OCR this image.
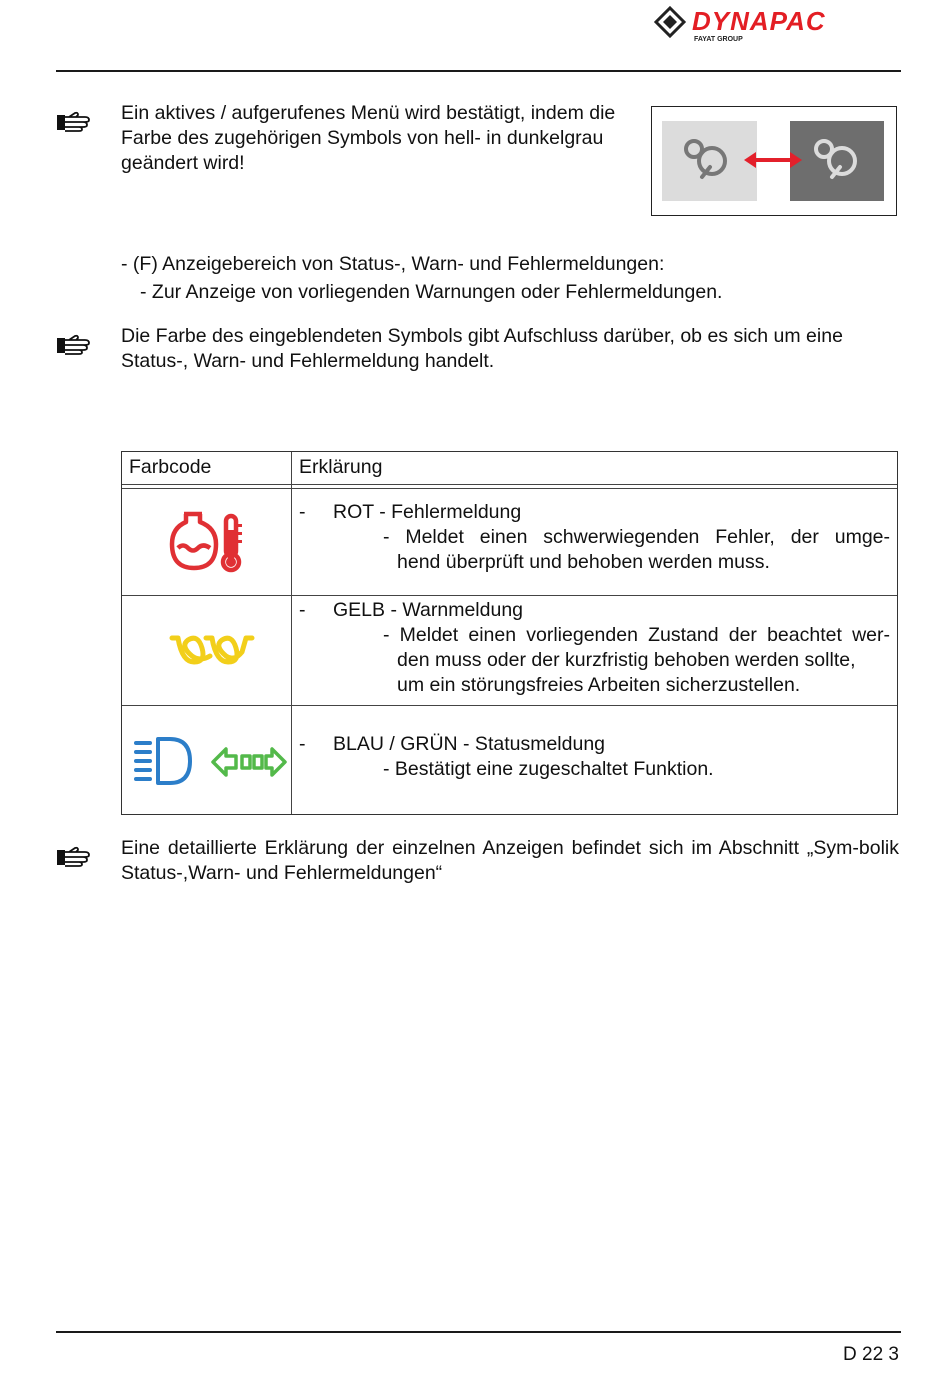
DYNAPAC
FAYAT GROUP

Ein aktives / aufgerufenes Menü wird bestätigt, indem die Farbe des zugehörigen Symbols von hell- in dunkelgrau geändert wird!

- (F) Anzeigebereich von Status-, Warn- und Fehlermeldungen:

- Zur Anzeige von vorliegenden Warnungen oder Fehlermeldungen.

Die Farbe des eingeblendeten Symbols gibt Aufschluss darüber, ob es sich um eine Status-, Warn- und Fehlermeldung handelt.

Farbcode	Erklärung
- ROT - Fehlermeldung
- Meldet einen schwerwiegenden Fehler, der umge-
hend überprüft und behoben werden muss.
- GELB - Warnmeldung
- Meldet einen vorliegenden Zustand der beachtet wer-
den muss oder der kurzfristig behoben werden sollte,
um ein störungsfreies Arbeiten sicherzustellen.
- BLAU / GRÜN - Statusmeldung
- Bestätigt eine zugeschaltet Funktion.

Eine detaillierte Erklärung der einzelnen Anzeigen befindet sich im Abschnitt „Sym-bolik Status-,Warn- und Fehlermeldungen“

D 22 3
